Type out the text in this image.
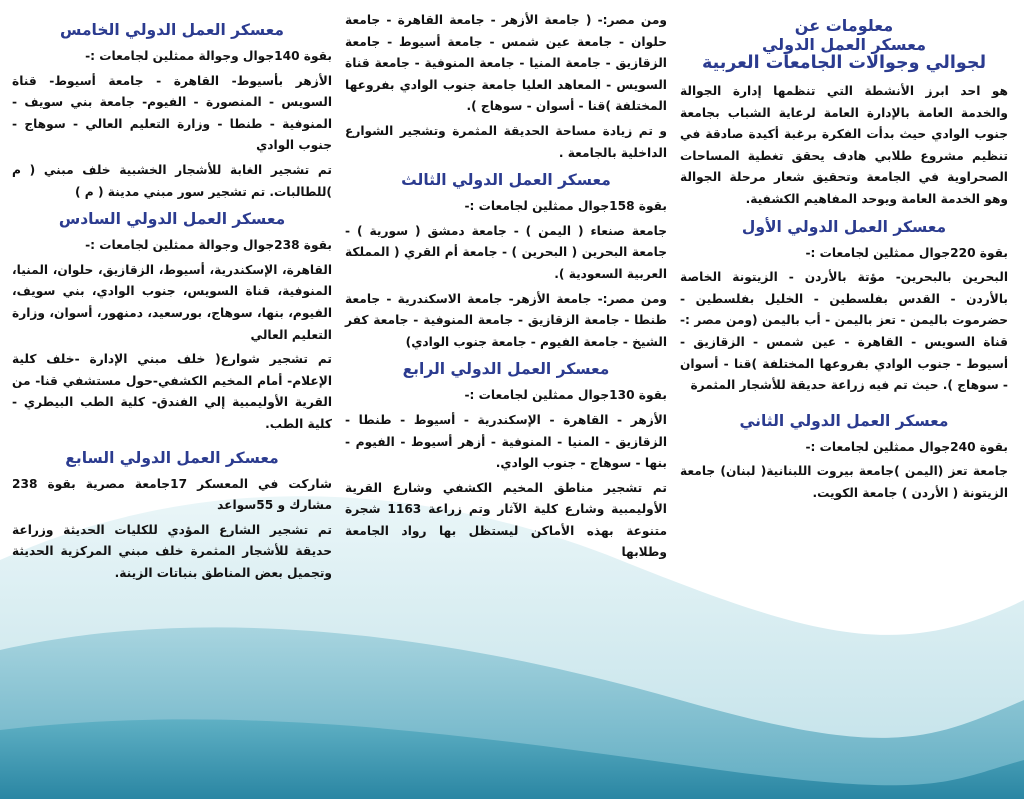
معلومات عن
معسكر العمل الدولي
لجوالي وجوالات الجامعات العربية

هو احد ابرز الأنشطة التي تنظمها إدارة الجوالة والخدمة العامة بالإدارة العامة لرعاية الشباب بجامعة جنوب الوادي حيث بدأت الفكرة برغبة أكيدة صادقة في تنظيم مشروع طلابي هادف يحقق تغطية المساحات الصحراوية في الجامعة وتحقيق شعار مرحلة الجوالة وهو الخدمة العامة ويوحد المفاهيم الكشفية.

معسكر العمل الدولي الأول

بقوة 220جوال ممثلين لجامعات :-

البحرين بالبحرين- مؤتة بالأردن - الزيتونة الخاصة بالأردن - القدس بفلسطين - الخليل بفلسطين - حضرموت باليمن - تعز باليمن - أب باليمن (ومن مصر :- قناة السويس - القاهرة - عين شمس - الزقازيق - أسيوط - جنوب الوادي بفروعها المختلفة )قنا - أسوان - سوهاج ). حيث تم فيه زراعة حديقة للأشجار المثمرة

معسكر العمل الدولي الثاني

بقوة 240جوال ممثلين لجامعات :-

جامعة تعز (اليمن )جامعة بيروت اللبنانية( لبنان) جامعة الزيتونة ( الأردن ) جامعة الكويت.

ومن مصر:- ( جامعة الأزهر - جامعة القاهرة - جامعة حلوان - جامعة عين شمس - جامعة أسيوط - جامعة الزقازيق - جامعة المنيا - جامعة المنوفية - جامعة قناة السويس - المعاهد العليا جامعة جنوب الوادي بفروعها المختلفة )قنا - أسوان - سوهاج ).

و تم زيادة مساحة الحديقة المثمرة وتشجير الشوارع الداخلية بالجامعة .

معسكر العمل الدولي الثالث

بقوة 158جوال ممثلين لجامعات :-

جامعة صنعاء ( اليمن ) - جامعة دمشق ( سورية ) - جامعة البحرين ( البحرين ) - جامعة أم القري ( المملكة العربية السعودية ).

ومن مصر:- جامعة الأزهر- جامعة الاسكندرية - جامعة طنطا - جامعة الزقازيق - جامعة المنوفية - جامعة كفر الشيخ - جامعة الفيوم - جامعة جنوب الوادي)

معسكر العمل الدولي الرابع

بقوة 130جوال ممثلين لجامعات :-

الأزهر - القاهرة - الإسكندرية - أسيوط - طنطا - الزقازيق - المنيا - المنوفية - أزهر أسيوط - الفيوم - بنها - سوهاج - جنوب الوادي.

تم تشجير مناطق المخيم الكشفي وشارع القرية الأوليمبية وشارع كلية الآثار وتم زراعة 1163 شجرة متنوعة بهذه الأماكن ليستظل بها رواد الجامعة وطلابها

معسكر العمل الدولي الخامس

بقوة 140جوال وجوالة ممثلين لجامعات :-

الأزهر بأسيوط- القاهرة - جامعة أسيوط- قناة السويس - المنصورة - الفيوم- جامعة بني سويف - المنوفية - طنطا - وزارة التعليم العالي - سوهاج - جنوب الوادي

تم تشجير الغابة للأشجار الخشبية خلف مبني ( م )للطالبات. تم تشجير سور مبني مدينة ( م )

معسكر العمل الدولي السادس

بقوة 238جوال وجوالة ممثلين لجامعات :-

القاهرة، الإسكندرية، أسيوط، الزقازيق، حلوان، المنيا، المنوفية، قناة السويس، جنوب الوادي، بني سويف، الفيوم، بنها، سوهاج، بورسعيد، دمنهور، أسوان، وزارة التعليم العالي

تم تشجير شوارع( خلف مبني الإدارة -خلف كلية الإعلام- أمام المخيم الكشفي-حول مستشفي قنا- من القرية الأوليمبية إلي الفندق- كلية الطب البيطري - كلية الطب.

معسكر العمل الدولي السابع

شاركت في المعسكر 17جامعة مصرية بقوة 238 مشارك و 55سواعد

تم تشجير الشارع المؤدي للكليات الحديثة وزراعة حديقة للأشجار المثمرة خلف مبني المركزية الحديثة وتجميل بعض المناطق بنباتات الزينة.
